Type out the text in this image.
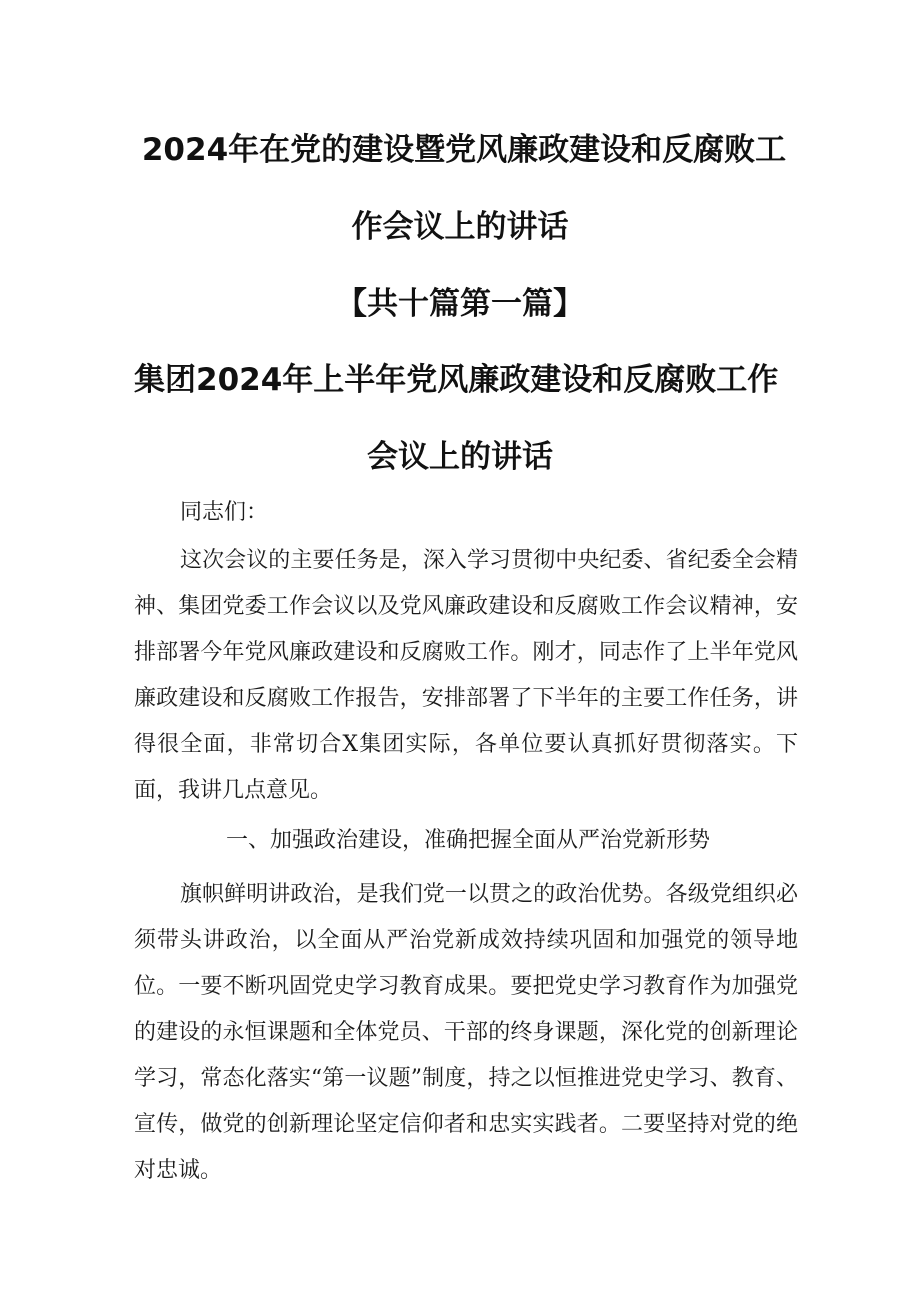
2024年在党的建设暨党风廉政建设和反腐败工
作会议上的讲话
【共十篇第一篇】
集团2024年上半年党风廉政建设和反腐败工作
会议上的讲话
同志们：
这次会议的主要任务是，深入学习贯彻中央纪委、省纪委全会精神、集团党委工作会议以及党风廉政建设和反腐败工作会议精神，安排部署今年党风廉政建设和反腐败工作。刚才，同志作了上半年党风廉政建设和反腐败工作报告，安排部署了下半年的主要工作任务，讲得很全面，非常切合X集团实际，各单位要认真抓好贯彻落实。下面，我讲几点意见。
一、加强政治建设，准确把握全面从严治党新形势
旗帜鲜明讲政治，是我们党一以贯之的政治优势。各级党组织必须带头讲政治，以全面从严治党新成效持续巩固和加强党的领导地位。一要不断巩固党史学习教育成果。要把党史学习教育作为加强党的建设的永恒课题和全体党员、干部的终身课题，深化党的创新理论学习，常态化落实“第一议题”制度，持之以恒推进党史学习、教育、宣传，做党的创新理论坚定信仰者和忠实实践者。二要坚持对党的绝对忠诚。
